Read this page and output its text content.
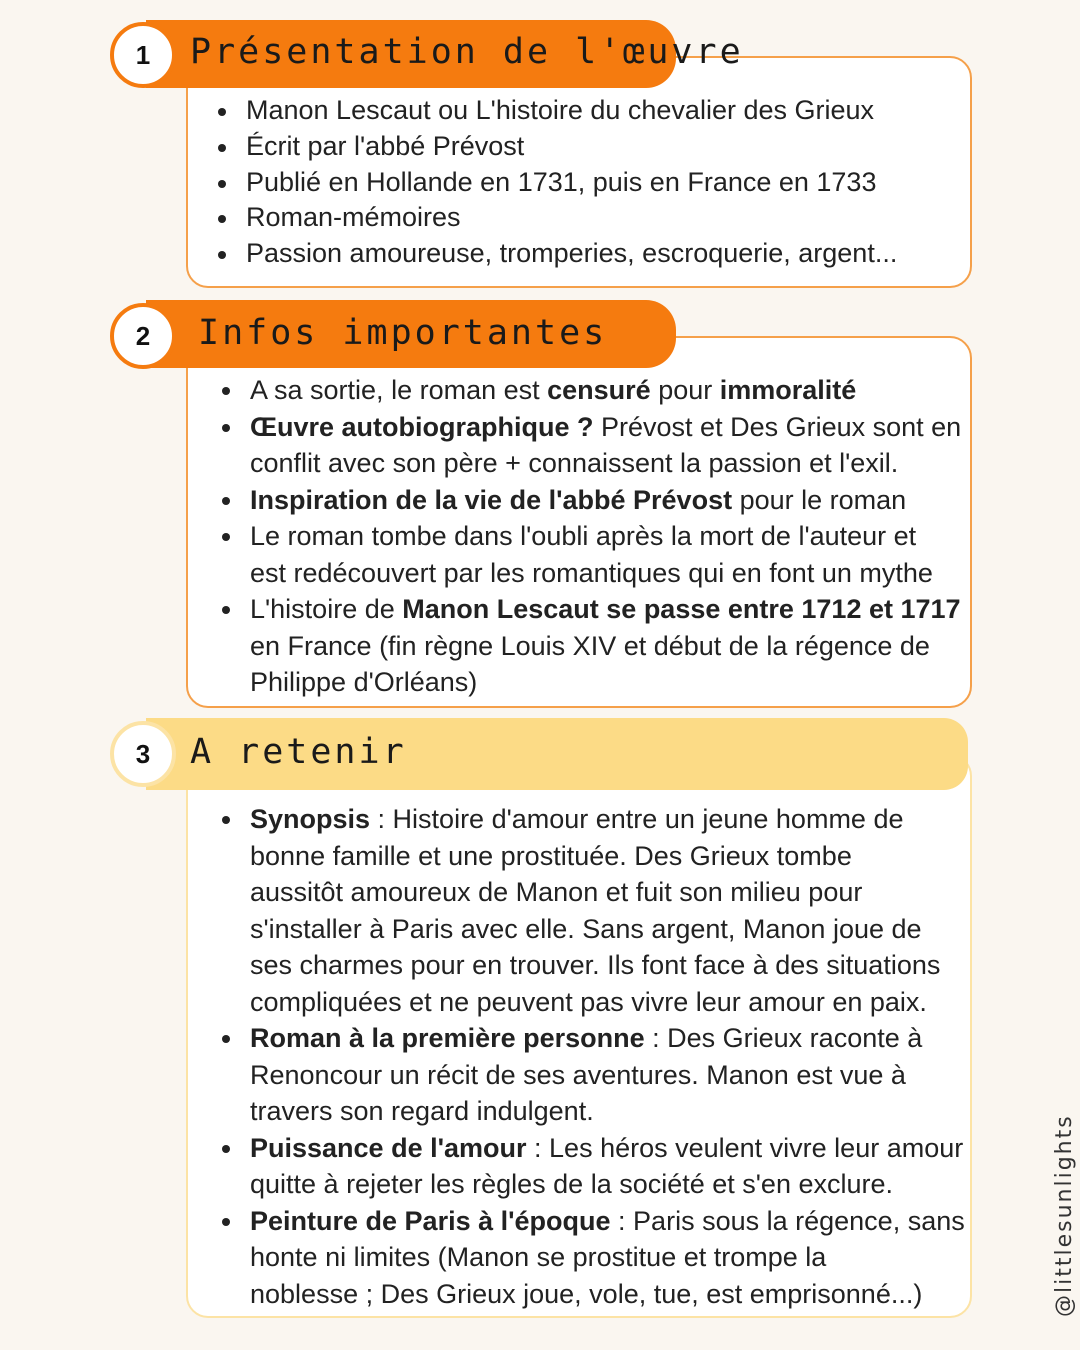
1	Présentation de l'œuvre
Manon Lescaut ou L'histoire du chevalier des Grieux
Écrit par l'abbé Prévost
Publié en Hollande en 1731, puis en France en 1733
Roman-mémoires
Passion amoureuse, tromperies, escroquerie, argent...
2	Infos importantes
A sa sortie, le roman est censuré pour immoralité
Œuvre autobiographique ? Prévost et Des Grieux sont en
conflit avec son père + connaissent la passion et l'exil.
Inspiration de la vie de l'abbé Prévost pour le roman
Le roman tombe dans l'oubli après la mort de l'auteur et
est redécouvert par les romantiques qui en font un mythe
L'histoire de Manon Lescaut se passe entre 1712 et 1717
en France (fin règne Louis XIV et début de la régence de
Philippe d'Orléans)
3	A retenir
Synopsis : Histoire d'amour entre un jeune homme de
bonne famille et une prostituée. Des Grieux tombe
aussitôt amoureux de Manon et fuit son milieu pour
s'installer à Paris avec elle. Sans argent, Manon joue de
ses charmes pour en trouver. Ils font face à des situations
compliquées et ne peuvent pas vivre leur amour en paix.
Roman à la première personne : Des Grieux raconte à
Renoncour un récit de ses aventures. Manon est vue à
travers son regard indulgent.
Puissance de l'amour : Les héros veulent vivre leur amour
quitte à rejeter les règles de la société et s'en exclure.
Peinture de Paris à l'époque : Paris sous la régence, sans
honte ni limites (Manon se prostitue et trompe la
noblesse ; Des Grieux joue, vole, tue, est emprisonné...)	@littlesunlights
